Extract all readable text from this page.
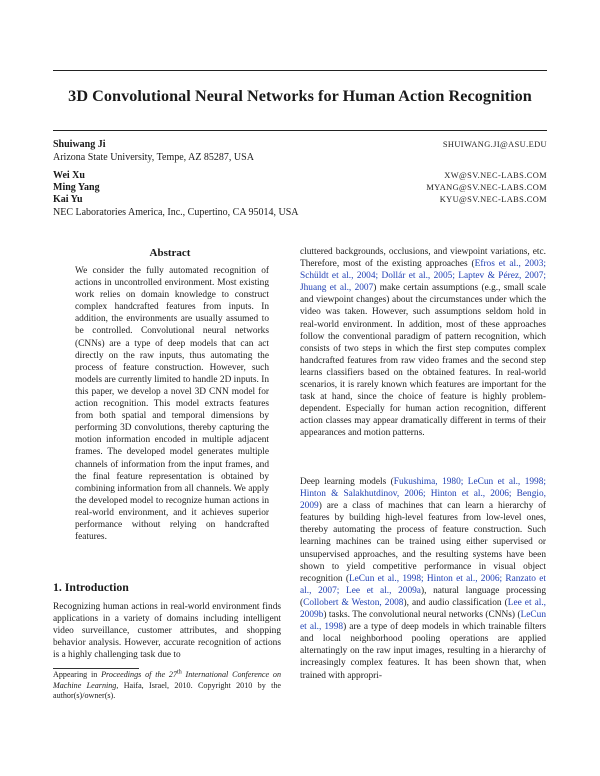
3D Convolutional Neural Networks for Human Action Recognition
Shuiwang Ji	SHUIWANG.JI@ASU.EDU
Arizona State University, Tempe, AZ 85287, USA
Wei Xu	XW@SV.NEC-LABS.COM
Ming Yang	MYANG@SV.NEC-LABS.COM
Kai Yu	KYU@SV.NEC-LABS.COM
NEC Laboratories America, Inc., Cupertino, CA 95014, USA
Abstract

We consider the fully automated recognition of actions in uncontrolled environment. Most existing work relies on domain knowledge to construct complex handcrafted features from inputs. In addition, the environments are usually assumed to be controlled. Convolutional neural networks (CNNs) are a type of deep models that can act directly on the raw inputs, thus automating the process of feature construction. However, such models are currently limited to handle 2D inputs. In this paper, we develop a novel 3D CNN model for action recognition. This model extracts features from both spatial and temporal dimensions by performing 3D convolutions, thereby capturing the motion information encoded in multiple adjacent frames. The developed model generates multiple channels of information from the input frames, and the final feature representation is obtained by combining information from all channels. We apply the developed model to recognize human actions in real-world environment, and it achieves superior performance without relying on handcrafted features.

1. Introduction

Recognizing human actions in real-world environment finds applications in a variety of domains including intelligent video surveillance, customer attributes, and shopping behavior analysis. However, accurate recognition of actions is a highly challenging task due to

Appearing in Proceedings of the 27th International Conference on Machine Learning, Haifa, Israel, 2010. Copyright 2010 by the author(s)/owner(s).

cluttered backgrounds, occlusions, and viewpoint variations, etc. Therefore, most of the existing approaches (Efros et al., 2003; Schüldt et al., 2004; Dollár et al., 2005; Laptev & Pérez, 2007; Jhuang et al., 2007) make certain assumptions (e.g., small scale and viewpoint changes) about the circumstances under which the video was taken. However, such assumptions seldom hold in real-world environment. In addition, most of these approaches follow the conventional paradigm of pattern recognition, which consists of two steps in which the first step computes complex handcrafted features from raw video frames and the second step learns classifiers based on the obtained features. In real-world scenarios, it is rarely known which features are important for the task at hand, since the choice of feature is highly problem-dependent. Especially for human action recognition, different action classes may appear dramatically different in terms of their appearances and motion patterns.

Deep learning models (Fukushima, 1980; LeCun et al., 1998; Hinton & Salakhutdinov, 2006; Hinton et al., 2006; Bengio, 2009) are a class of machines that can learn a hierarchy of features by building high-level features from low-level ones, thereby automating the process of feature construction. Such learning machines can be trained using either supervised or unsupervised approaches, and the resulting systems have been shown to yield competitive performance in visual object recognition (LeCun et al., 1998; Hinton et al., 2006; Ranzato et al., 2007; Lee et al., 2009a), natural language processing (Collobert & Weston, 2008), and audio classification (Lee et al., 2009b) tasks. The convolutional neural networks (CNNs) (LeCun et al., 1998) are a type of deep models in which trainable filters and local neighborhood pooling operations are applied alternatingly on the raw input images, resulting in a hierarchy of increasingly complex features. It has been shown that, when trained with appropri-
